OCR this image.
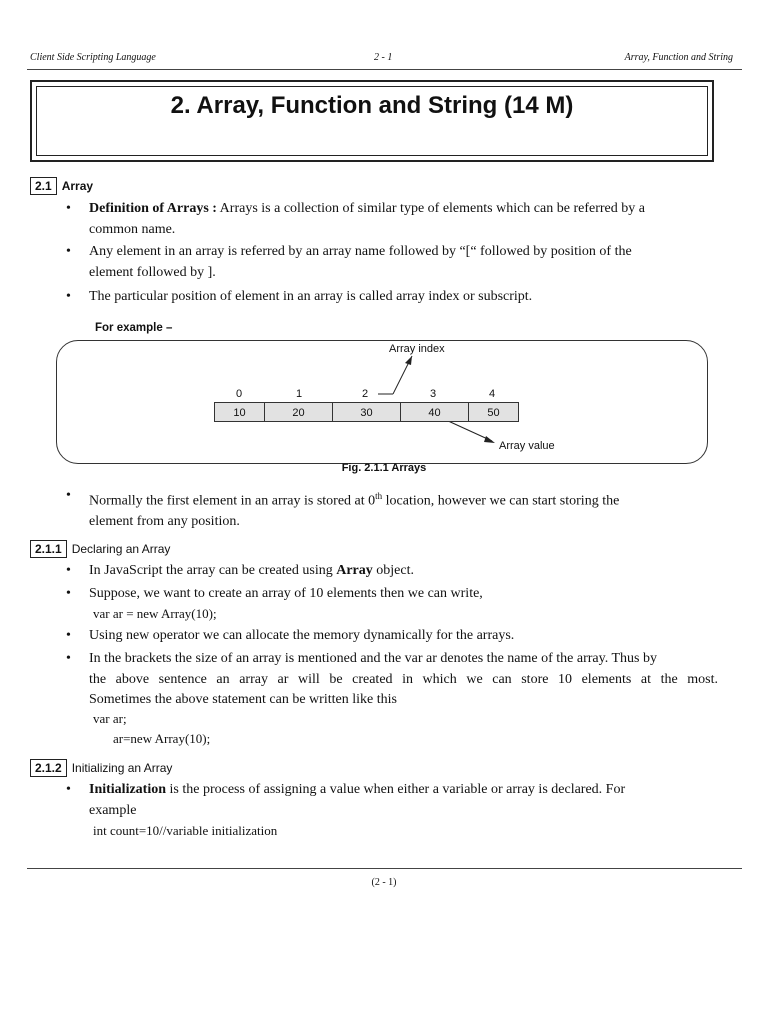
Client Side Scripting Language	2 - 1	Array, Function and String
2. Array, Function and String (14 M)
2.1 Array
• Definition of Arrays : Arrays is a collection of similar type of elements which can be referred by a
common name.
• Any element in an array is referred by an array name followed by “[“ followed by position of the
element followed by ].
• The particular position of element in an array is called array index or subscript.
For example –
Array index
0	1	2	3	4
10	20	30	40	50
Array value
Fig. 2.1.1 Arrays
• Normally the first element in an array is stored at 0th location, however we can start storing the
element from any position.
2.1.1 Declaring an Array
• In JavaScript the array can be created using Array object.
• Suppose, we want to create an array of 10 elements then we can write,
var ar = new Array(10);
• Using new operator we can allocate the memory dynamically for the arrays.
• In the brackets the size of an array is mentioned and the var ar denotes the name of the array. Thus by
the above sentence an array ar will be created in which we can store 10 elements at the most.
Sometimes the above statement can be written like this
var ar;
ar=new Array(10);
2.1.2 Initializing an Array
• Initialization is the process of assigning a value when either a variable or array is declared. For
example
int count=10//variable initialization
(2 - 1)
